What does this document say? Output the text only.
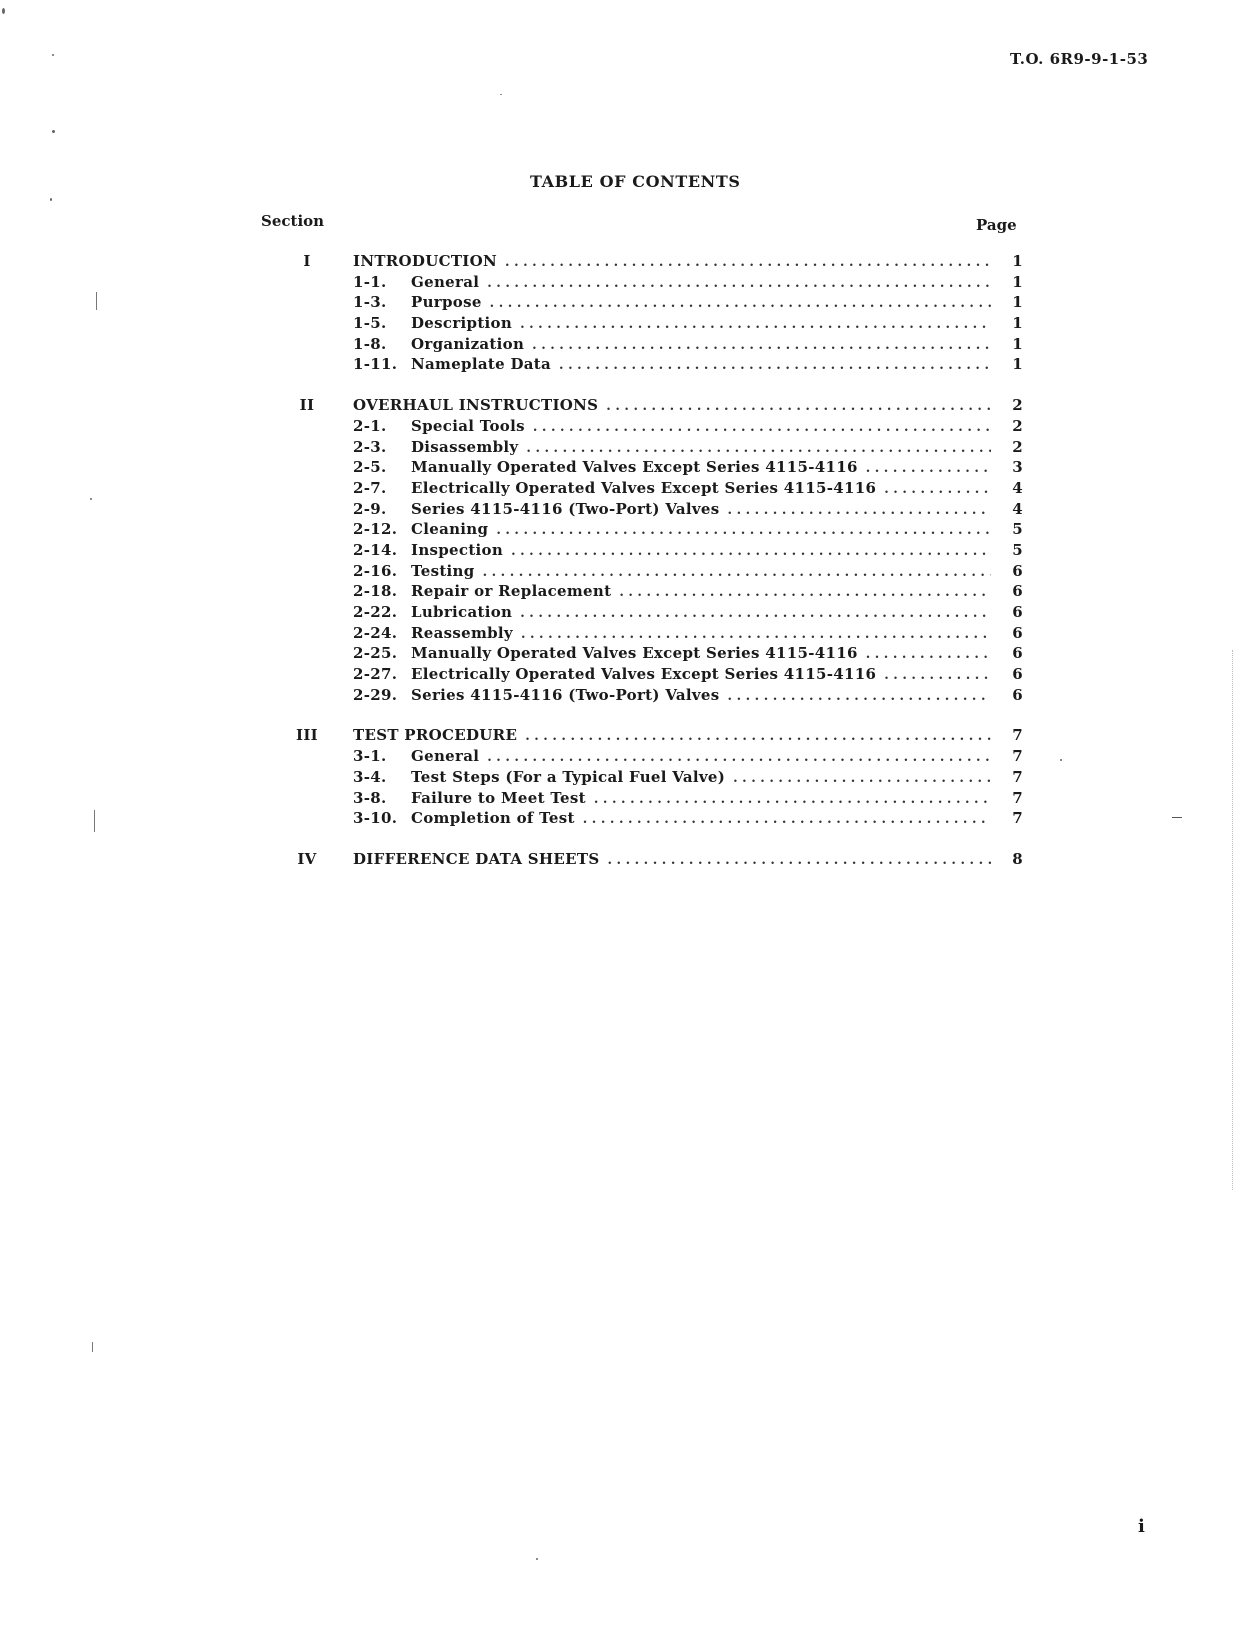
T.O. 6R9-9-1-53
TABLE OF CONTENTS
Section	Page
I	INTRODUCTION . . .	1
1-1.	General . . .	1
1-3.	Purpose . . .	1
1-5.	Description . . .	1
1-8.	Organization . . .	1
1-11. Nameplate Data . . .	1
II	OVERHAUL INSTRUCTIONS . . .	2
2-1.	Special Tools . . .	2
2-3.	Disassembly . . .	2
2-5.	Manually Operated Valves Except Series 4115-4116 . . .	3
2-7.	Electrically Operated Valves Except Series 4115-4116 . . .	4
2-9.	Series 4115-4116 (Two-Port) Valves . . .	4
2-12. Cleaning . . .	5
2-14. Inspection . . .	5
2-16. Testing . . .	6
2-18. Repair or Replacement . . .	6
2-22. Lubrication . . .	6
2-24. Reassembly . . .	6
2-25. Manually Operated Valves Except Series 4115-4116 . . .	6
2-27. Electrically Operated Valves Except Series 4115-4116 . . .	6
2-29. Series 4115-4116 (Two-Port) Valves . . .	6
III	TEST PROCEDURE . . .	7
3-1.	General . . .	7
3-4.	Test Steps (For a Typical Fuel Valve) . . .	7
3-8.	Failure to Meet Test . . .	7
3-10. Completion of Test . . .	7
IV	DIFFERENCE DATA SHEETS . . .	8
i
